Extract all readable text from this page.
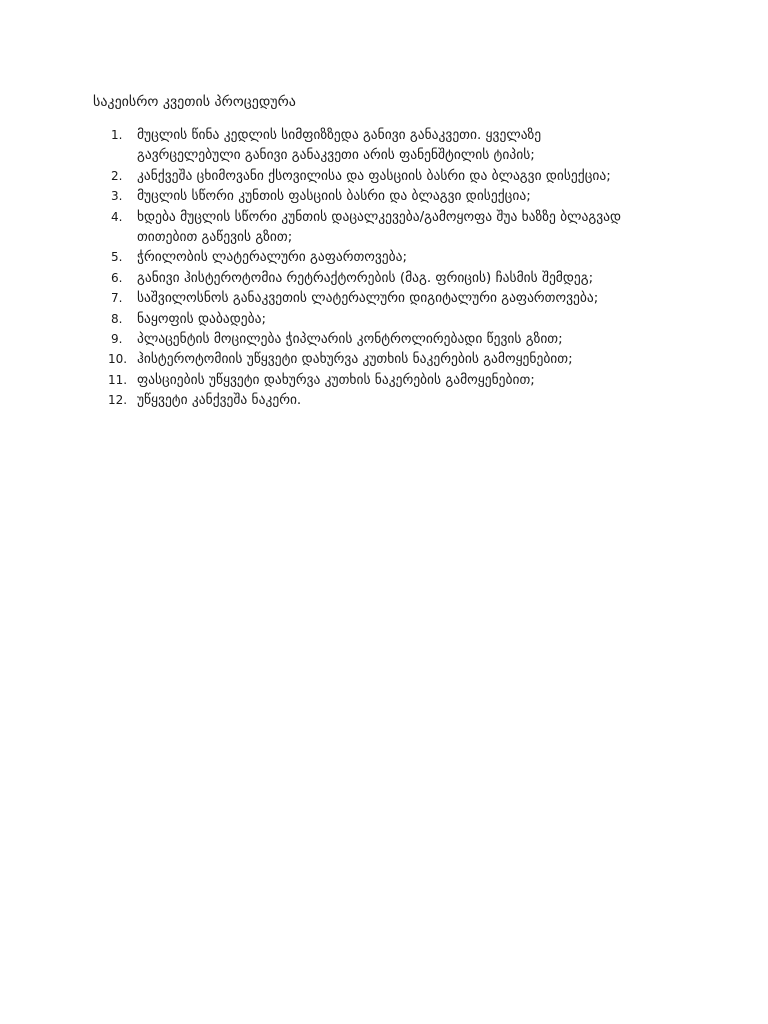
საკეისრო კვეთის პროცედურა
1.	მუცლის წინა კედლის სიმფიზზედა განივი განაკვეთი. ყველაზე
გავრცელებული განივი განაკვეთი არის ფანენშტილის ტიპის;
2.	კანქვეშა ცხიმოვანი ქსოვილისა და ფასციის ბასრი და ბლაგვი დისექცია;
3.	მუცლის სწორი კუნთის ფასციის ბასრი და ბლაგვი დისექცია;
4.	ხდება მუცლის სწორი კუნთის დაცალკევება/გამოყოფა შუა ხაზზე ბლაგვად
თითებით გაწევის გზით;
5.	ჭრილობის ლატერალური გაფართოვება;
6.	განივი ჰისტეროტომია რეტრაქტორების (მაგ. ფრიცის) ჩასმის შემდეგ;
7.	საშვილოსნოს განაკვეთის ლატერალური დიგიტალური გაფართოვება;
8.	ნაყოფის დაბადება;
9.	პლაცენტის მოცილება ჭიპლარის კონტროლირებადი წევის გზით;
10. ჰისტეროტომიის უწყვეტი დახურვა კუთხის ნაკერების გამოყენებით;
11. ფასციების უწყვეტი დახურვა კუთხის ნაკერების გამოყენებით;
12. უწყვეტი კანქვეშა ნაკერი.
